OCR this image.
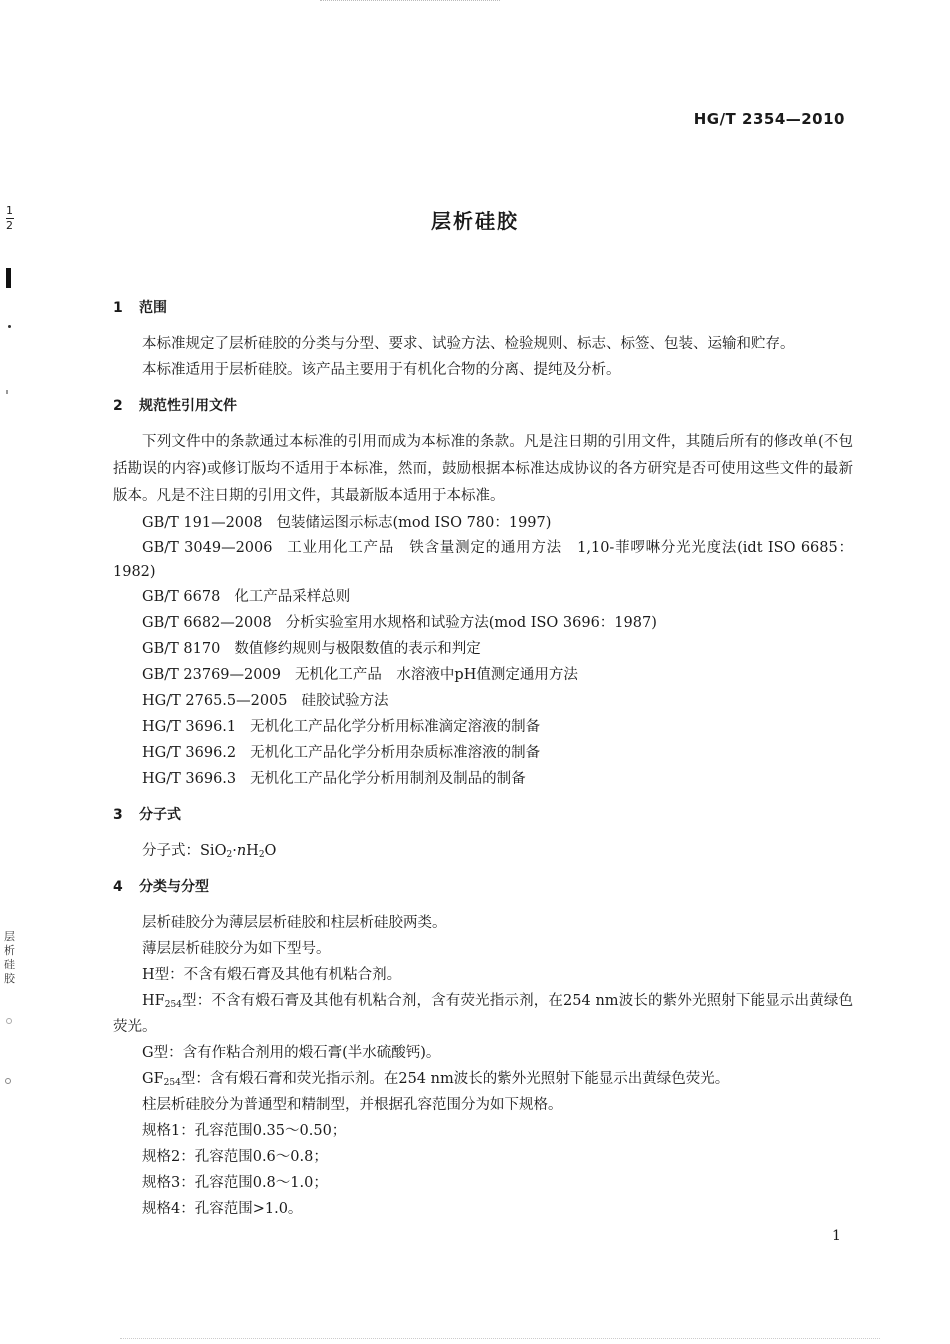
1
2
层
析
硅
胶
HG/T 2354—2010
层析硅胶
1 范围

本标准规定了层析硅胶的分类与分型、要求、试验方法、检验规则、标志、标签、包装、运输和贮存。

本标准适用于层析硅胶。该产品主要用于有机化合物的分离、提纯及分析。

2 规范性引用文件

下列文件中的条款通过本标准的引用而成为本标准的条款。凡是注日期的引用文件，其随后所有的修改单(不包括勘误的内容)或修订版均不适用于本标准，然而，鼓励根据本标准达成协议的各方研究是否可使用这些文件的最新版本。凡是不注日期的引用文件，其最新版本适用于本标准。

GB/T 191—2008 包装储运图示标志(mod ISO 780：1997)

GB/T 3049—2006 工业用化工产品　铁含量测定的通用方法　1,10-菲啰啉分光光度法(idt ISO 6685：1982)

GB/T 6678 化工产品采样总则

GB/T 6682—2008 分析实验室用水规格和试验方法(mod ISO 3696：1987)

GB/T 8170 数值修约规则与极限数值的表示和判定

GB/T 23769—2009 无机化工产品　水溶液中pH值测定通用方法

HG/T 2765.5—2005 硅胶试验方法

HG/T 3696.1 无机化工产品化学分析用标准滴定溶液的制备

HG/T 3696.2 无机化工产品化学分析用杂质标准溶液的制备

HG/T 3696.3 无机化工产品化学分析用制剂及制品的制备

3 分子式

分子式：$SiO_2\cdot nH_2O$

4 分类与分型

层析硅胶分为薄层层析硅胶和柱层析硅胶两类。

薄层层析硅胶分为如下型号。

H型：不含有煅石膏及其他有机粘合剂。

$HF_{254}$型：不含有煅石膏及其他有机粘合剂，含有荧光指示剂，在254 nm波长的紫外光照射下能显示出黄绿色荧光。

G型：含有作粘合剂用的煅石膏(半水硫酸钙)。

$GF_{254}$型：含有煅石膏和荧光指示剂。在254 nm波长的紫外光照射下能显示出黄绿色荧光。

柱层析硅胶分为普通型和精制型，并根据孔容范围分为如下规格。

规格1：孔容范围0.35～0.50；

规格2：孔容范围0.6～0.8；

规格3：孔容范围0.8～1.0；

规格4：孔容范围>1.0。

1
